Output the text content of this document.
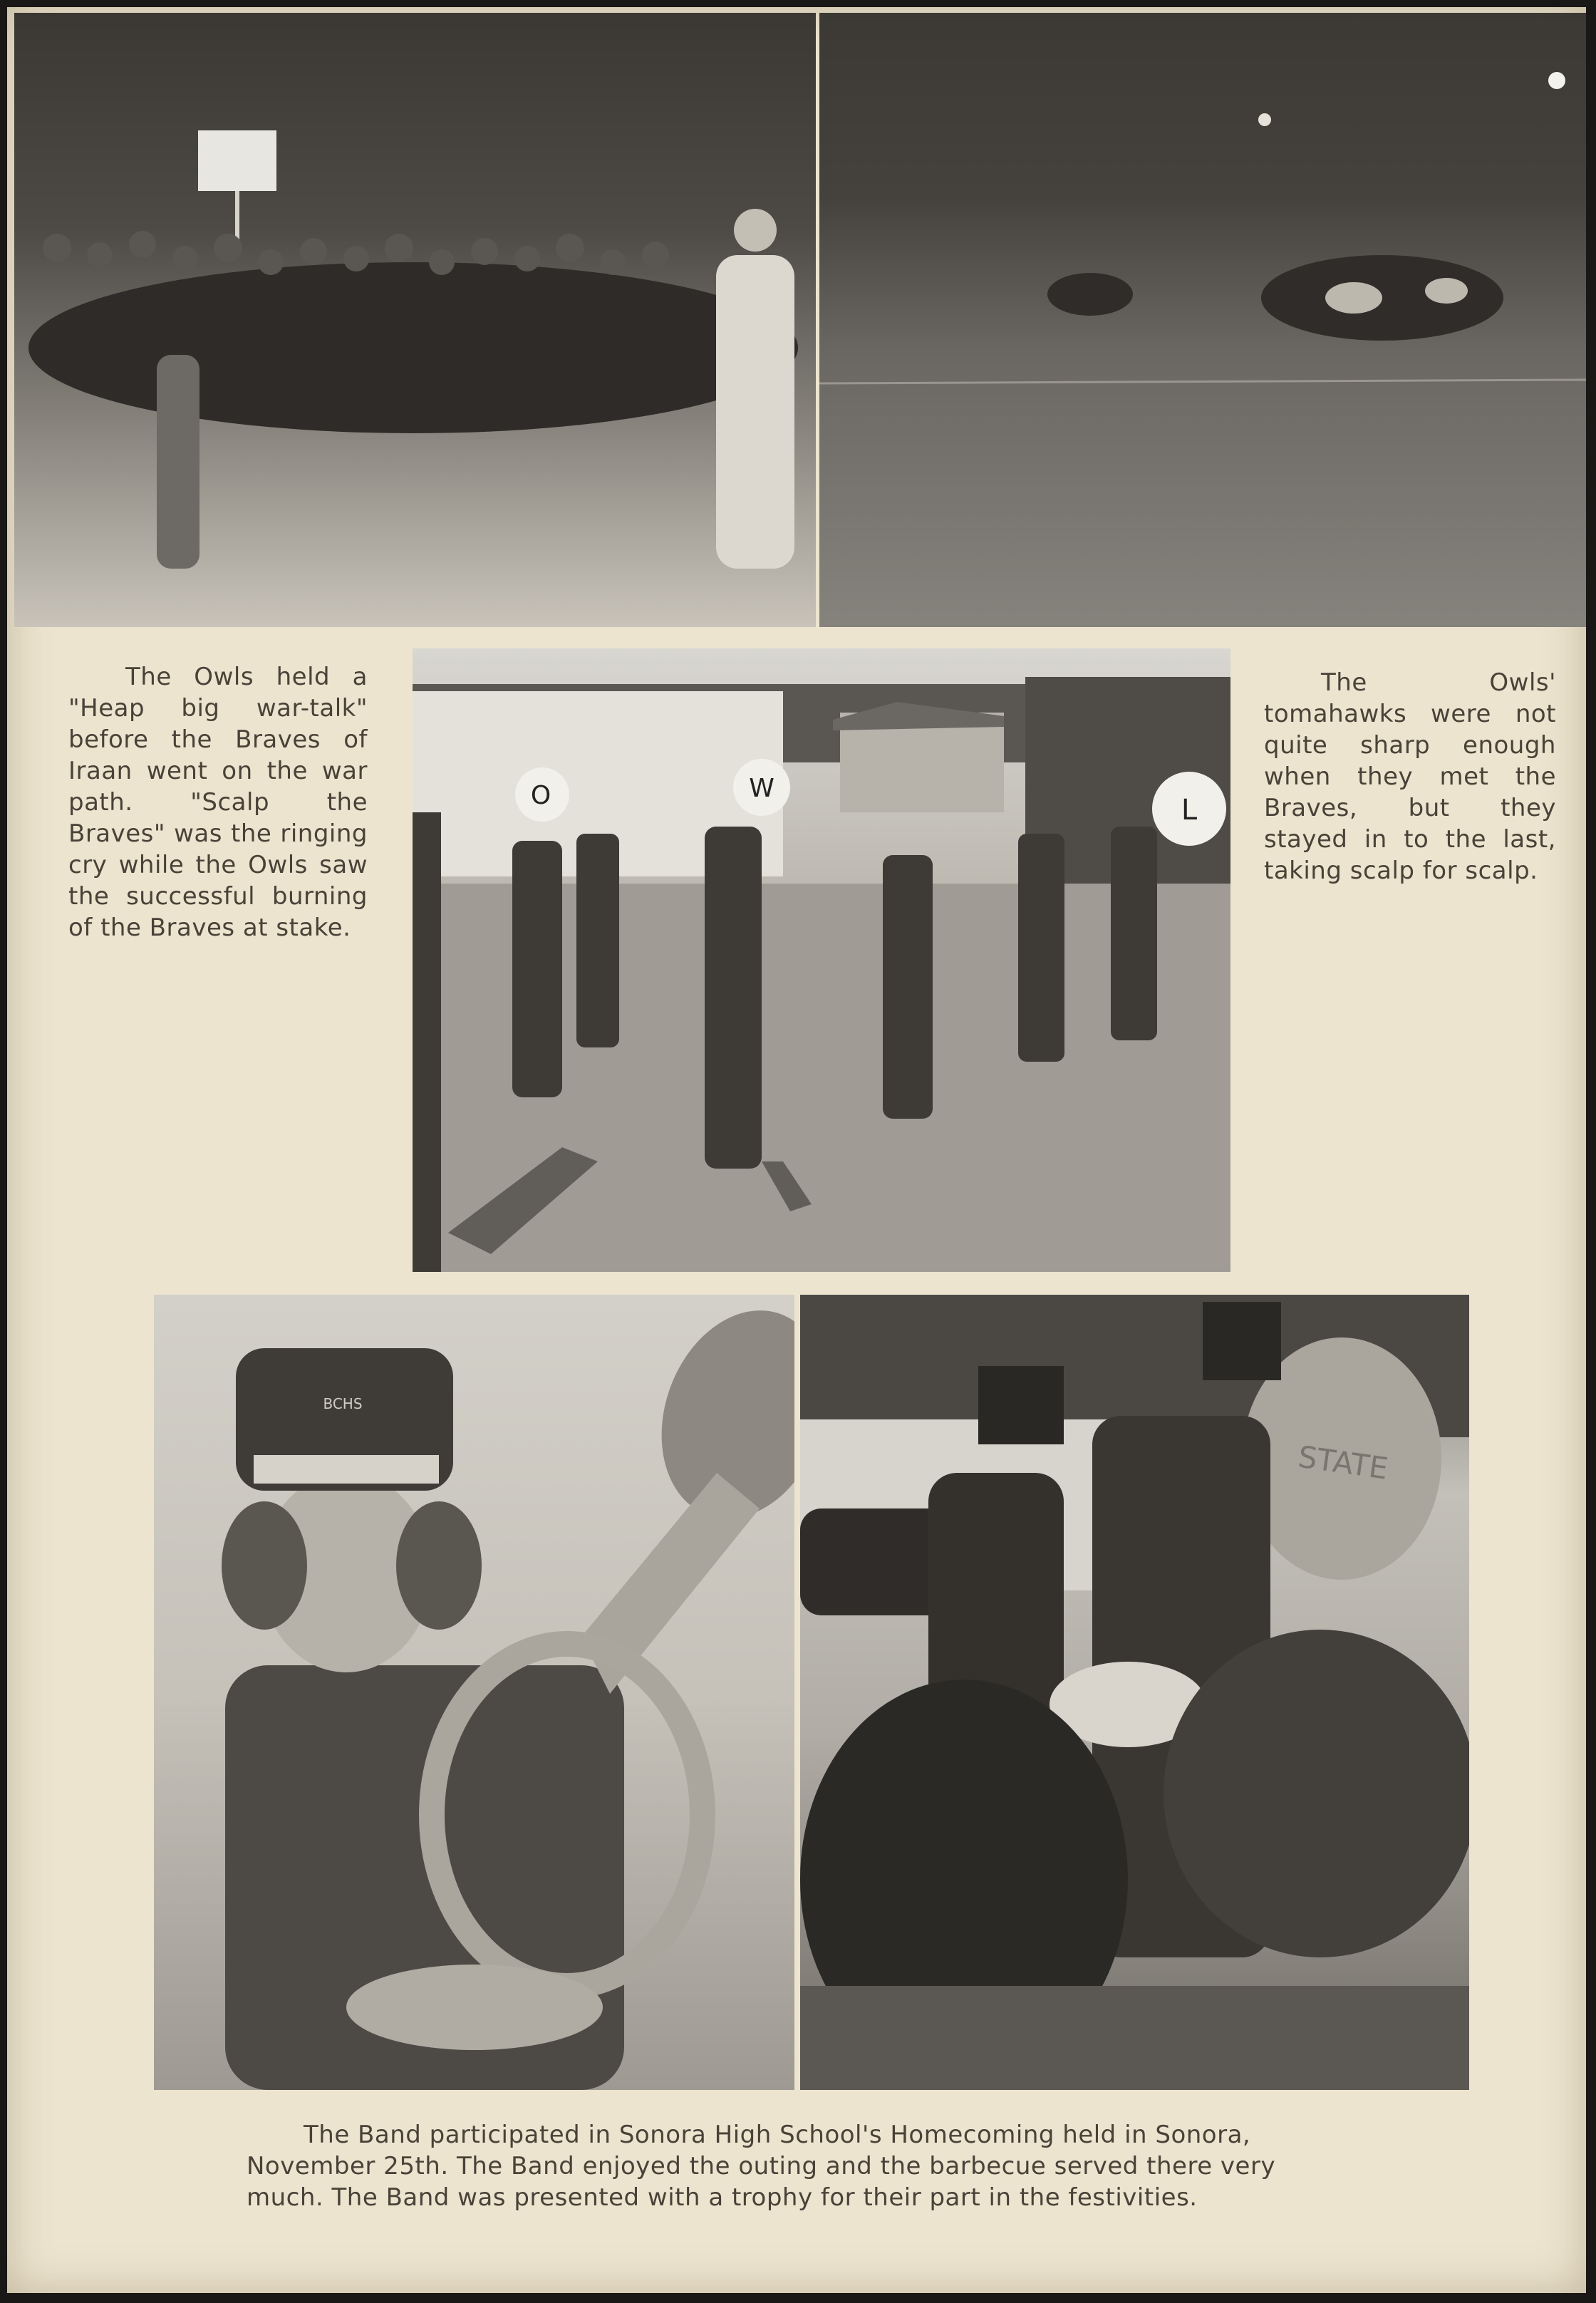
The Owls held a "Heap big war-talk" before the Braves of Iraan went on the war path. "Scalp the Braves" was the ringing cry while the Owls saw the successful burning of the Braves at stake.
O	W
L
The Owls' tomahawks were not quite sharp enough when they met the Braves, but they stayed in to the last, taking scalp for scalp.
BCHS
STATE
The Band participated in Sonora High School's Homecoming held in Sonora, November 25th. The Band enjoyed the outing and the barbecue served there very much. The Band was presented with a trophy for their part in the festivities.
